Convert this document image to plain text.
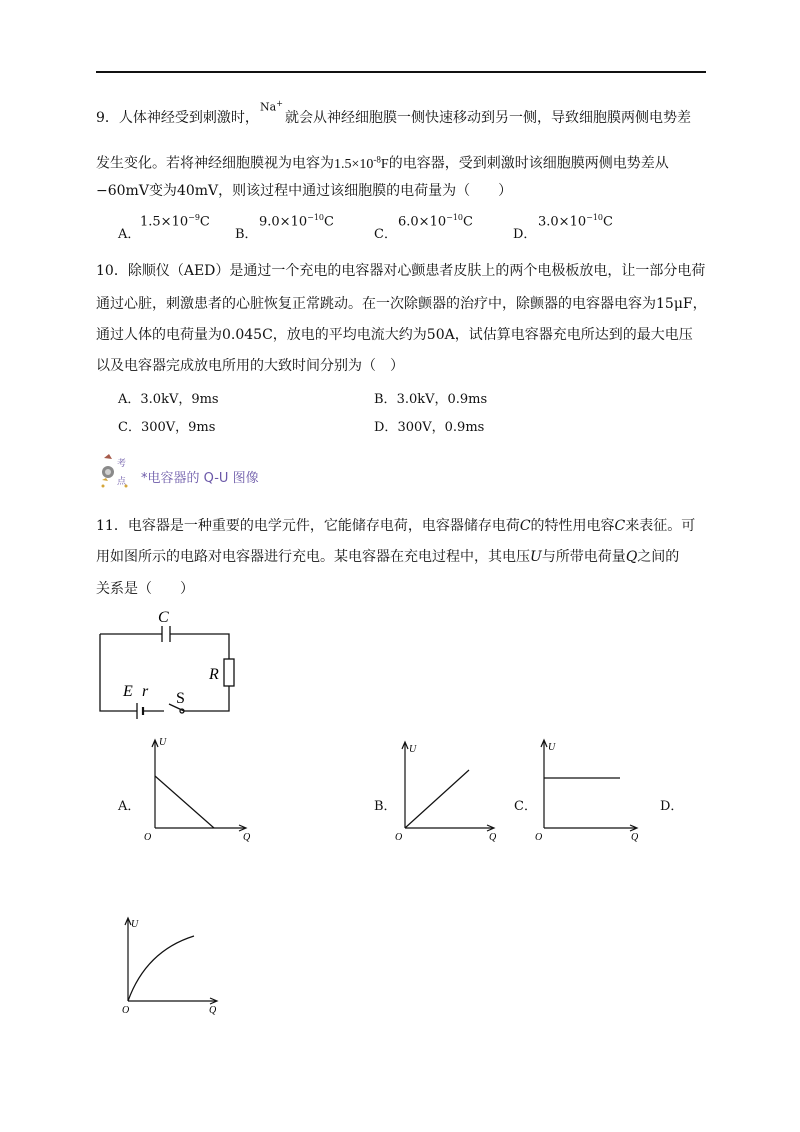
9．人体神经受到刺激时，
Na+
就会从神经细胞膜一侧快速移动到另一侧，导致细胞膜两侧电势差
发生变化。若将神经细胞膜视为电容为$1.5\times 10^{-8}F$的电容器，受到刺激时该细胞膜两侧电势差从
−60mV变为40mV，则该过程中通过该细胞膜的电荷量为（　　）
A．
$1.5\times 10^{-9}C$
B．
$9.0\times 10^{-10}C$
C．
$6.0\times 10^{-10}C$
D．
$3.0\times 10^{-10}C$
10．除顺仪（AED）是通过一个充电的电容器对心颤患者皮肤上的两个电极板放电，让一部分电荷
通过心脏，刺激患者的心脏恢复正常跳动。在一次除颤器的治疗中，除颤器的电容器电容为15μF，
通过人体的电荷量为0.045C，放电的平均电流大约为50A，试估算电容器充电所达到的最大电压
以及电容器完成放电所用的大致时间分别为（　）
A．3.0kV，9ms	B．3.0kV，0.9ms
C．300V，9ms	D．300V，0.9ms
考
点 *电容器的 Q-U 图像
11．电容器是一种重要的电学元件，它能储存电荷，电容器储存电荷C的特性用电容C来表征。可
用如图所示的电路对电容器进行充电。某电容器在充电过程中，其电压U与所带电荷量Q之间的
关系是（　　）
C
R
E r S
A．
U
O	Q
B．
U
O	Q
C．
U
O	Q
D．
U
O	Q
